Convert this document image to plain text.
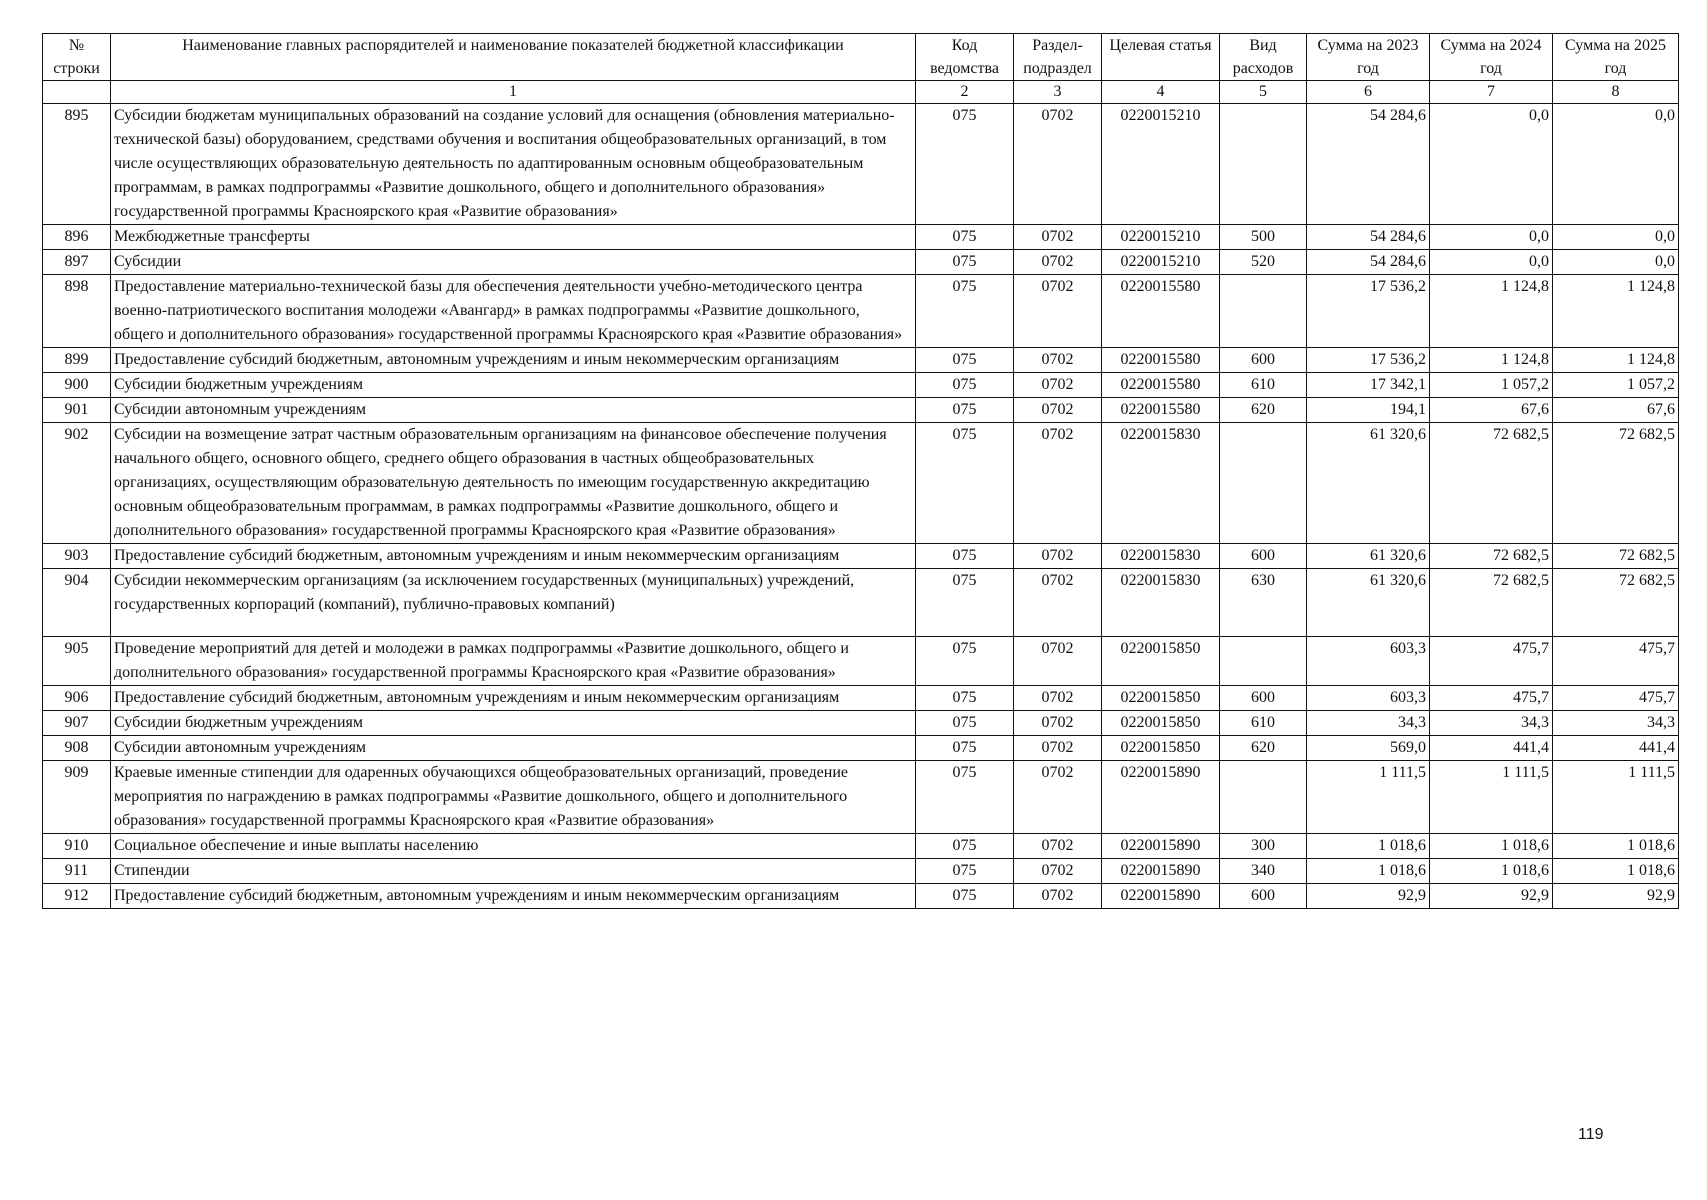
№ строки	Наименование главных распорядителей и наименование показателей бюджетной классификации	Код ведомства	Раздел-подраздел	Целевая статья	Вид расходов	Сумма на 2023 год	Сумма на 2024 год	Сумма на 2025 год
	1	2	3	4	5	6	7	8
895	Субсидии бюджетам муниципальных образований на создание условий для оснащения (обновления материально-технической базы) оборудованием, средствами обучения и воспитания общеобразовательных организаций, в том числе осуществляющих образовательную деятельность по адаптированным основным общеобразовательным программам, в рамках подпрограммы «Развитие дошкольного, общего и дополнительного образования» государственной программы Красноярского края «Развитие образования»	075	0702	0220015210		54 284,6	0,0	0,0
896	Межбюджетные трансферты	075	0702	0220015210	500	54 284,6	0,0	0,0
897	Субсидии	075	0702	0220015210	520	54 284,6	0,0	0,0
898	Предоставление материально-технической базы для обеспечения деятельности учебно-методического центра военно-патриотического воспитания молодежи «Авангард» в рамках подпрограммы «Развитие дошкольного, общего и дополнительного образования» государственной программы Красноярского края «Развитие образования»	075	0702	0220015580		17 536,2	1 124,8	1 124,8
899	Предоставление субсидий бюджетным, автономным учреждениям и иным некоммерческим организациям	075	0702	0220015580	600	17 536,2	1 124,8	1 124,8
900	Субсидии бюджетным учреждениям	075	0702	0220015580	610	17 342,1	1 057,2	1 057,2
901	Субсидии автономным учреждениям	075	0702	0220015580	620	194,1	67,6	67,6
902	Субсидии на возмещение затрат частным образовательным организациям на финансовое обеспечение получения начального общего, основного общего, среднего общего образования в частных общеобразовательных организациях, осуществляющим образовательную деятельность по имеющим государственную аккредитацию основным общеобразовательным программам, в рамках подпрограммы «Развитие дошкольного, общего и дополнительного образования» государственной программы Красноярского края «Развитие образования»	075	0702	0220015830		61 320,6	72 682,5	72 682,5
903	Предоставление субсидий бюджетным, автономным учреждениям и иным некоммерческим организациям	075	0702	0220015830	600	61 320,6	72 682,5	72 682,5
904	Субсидии некоммерческим организациям (за исключением государственных (муниципальных) учреждений, государственных корпораций (компаний), публично-правовых компаний)	075	0702	0220015830	630	61 320,6	72 682,5	72 682,5
905	Проведение мероприятий для детей и молодежи в рамках подпрограммы «Развитие дошкольного, общего и дополнительного образования» государственной программы Красноярского края «Развитие образования»	075	0702	0220015850		603,3	475,7	475,7
906	Предоставление субсидий бюджетным, автономным учреждениям и иным некоммерческим организациям	075	0702	0220015850	600	603,3	475,7	475,7
907	Субсидии бюджетным учреждениям	075	0702	0220015850	610	34,3	34,3	34,3
908	Субсидии автономным учреждениям	075	0702	0220015850	620	569,0	441,4	441,4
909	Краевые именные стипендии для одаренных обучающихся общеобразовательных организаций, проведение мероприятия по награждению в рамках подпрограммы «Развитие дошкольного, общего и дополнительного образования» государственной программы Красноярского края «Развитие образования»	075	0702	0220015890		1 111,5	1 111,5	1 111,5
910	Социальное обеспечение и иные выплаты населению	075	0702	0220015890	300	1 018,6	1 018,6	1 018,6
911	Стипендии	075	0702	0220015890	340	1 018,6	1 018,6	1 018,6
912	Предоставление субсидий бюджетным, автономным учреждениям и иным некоммерческим организациям	075	0702	0220015890	600	92,9	92,9	92,9
119
